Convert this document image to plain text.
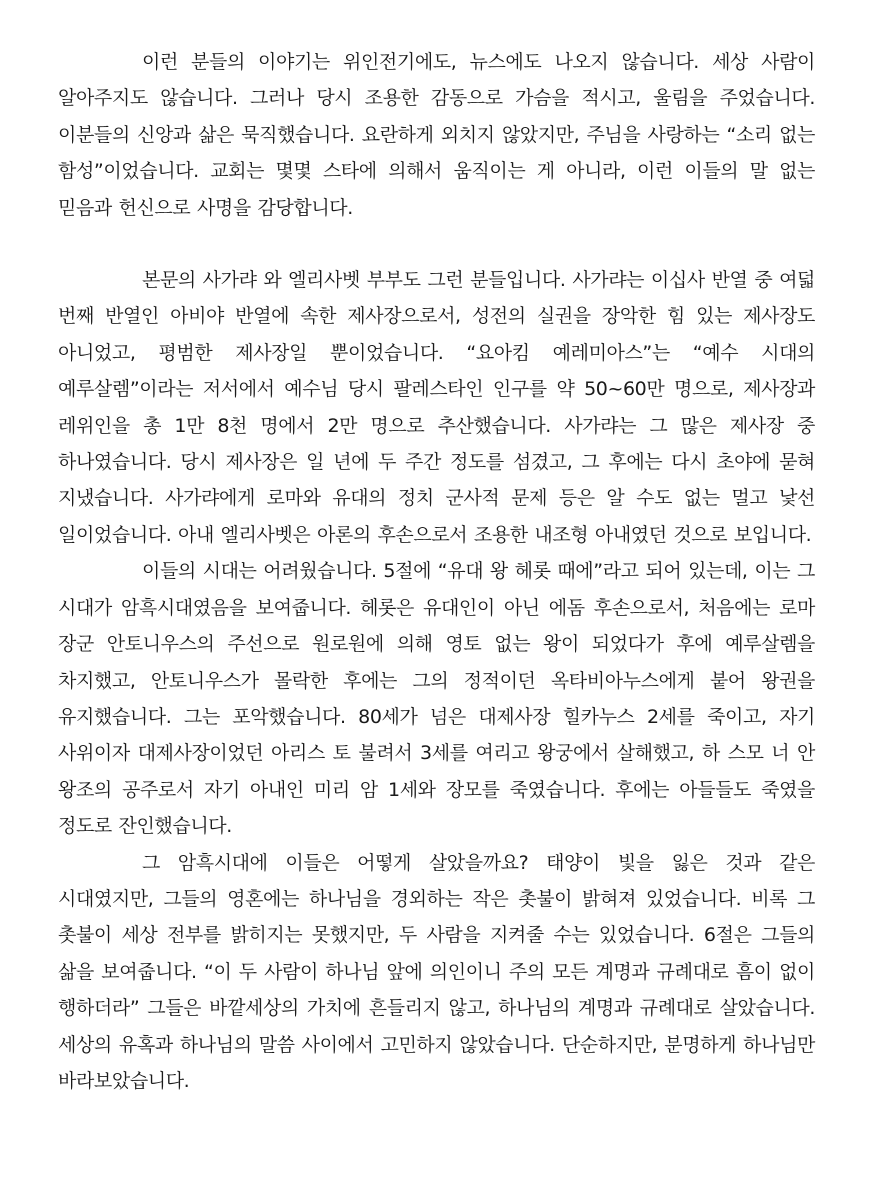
이런 분들의 이야기는 위인전기에도, 뉴스에도 나오지 않습니다. 세상 사람이 알아주지도 않습니다. 그러나 당시 조용한 감동으로 가슴을 적시고, 울림을 주었습니다. 이분들의 신앙과 삶은 묵직했습니다. 요란하게 외치지 않았지만, 주님을 사랑하는 “소리 없는 함성”이었습니다. 교회는 몇몇 스타에 의해서 움직이는 게 아니라, 이런 이들의 말 없는 믿음과 헌신으로 사명을 감당합니다.

본문의 사가랴 와 엘리사벳 부부도 그런 분들입니다. 사가랴는 이십사 반열 중 여덟 번째 반열인 아비야 반열에 속한 제사장으로서, 성전의 실권을 장악한 힘 있는 제사장도 아니었고, 평범한 제사장일 뿐이었습니다. “요아킴 예레미아스”는 “예수 시대의 예루살렘”이라는 저서에서 예수님 당시 팔레스타인 인구를 약 50~60만 명으로, 제사장과 레위인을 총 1만 8천 명에서 2만 명으로 추산했습니다. 사가랴는 그 많은 제사장 중 하나였습니다. 당시 제사장은 일 년에 두 주간 정도를 섬겼고, 그 후에는 다시 초야에 묻혀 지냈습니다. 사가랴에게 로마와 유대의 정치 군사적 문제 등은 알 수도 없는 멀고 낯선 일이었습니다. 아내 엘리사벳은 아론의 후손으로서 조용한 내조형 아내였던 것으로 보입니다.

이들의 시대는 어려웠습니다. 5절에 “유대 왕 헤롯 때에”라고 되어 있는데, 이는 그 시대가 암흑시대였음을 보여줍니다. 헤롯은 유대인이 아닌 에돔 후손으로서, 처음에는 로마 장군 안토니우스의 주선으로 원로원에 의해 영토 없는 왕이 되었다가 후에 예루살렘을 차지했고, 안토니우스가 몰락한 후에는 그의 정적이던 옥타비아누스에게 붙어 왕권을 유지했습니다. 그는 포악했습니다. 80세가 넘은 대제사장 힐카누스 2세를 죽이고, 자기 사위이자 대제사장이었던 아리스 토 불려서 3세를 여리고 왕궁에서 살해했고, 하 스모 너 안 왕조의 공주로서 자기 아내인 미리 암 1세와 장모를 죽였습니다. 후에는 아들들도 죽였을 정도로 잔인했습니다.

그 암흑시대에 이들은 어떻게 살았을까요? 태양이 빛을 잃은 것과 같은 시대였지만, 그들의 영혼에는 하나님을 경외하는 작은 촛불이 밝혀져 있었습니다. 비록 그 촛불이 세상 전부를 밝히지는 못했지만, 두 사람을 지켜줄 수는 있었습니다. 6절은 그들의 삶을 보여줍니다. “이 두 사람이 하나님 앞에 의인이니 주의 모든 계명과 규례대로 흠이 없이 행하더라” 그들은 바깥세상의 가치에 흔들리지 않고, 하나님의 계명과 규례대로 살았습니다. 세상의 유혹과 하나님의 말씀 사이에서 고민하지 않았습니다. 단순하지만, 분명하게 하나님만 바라보았습니다.
